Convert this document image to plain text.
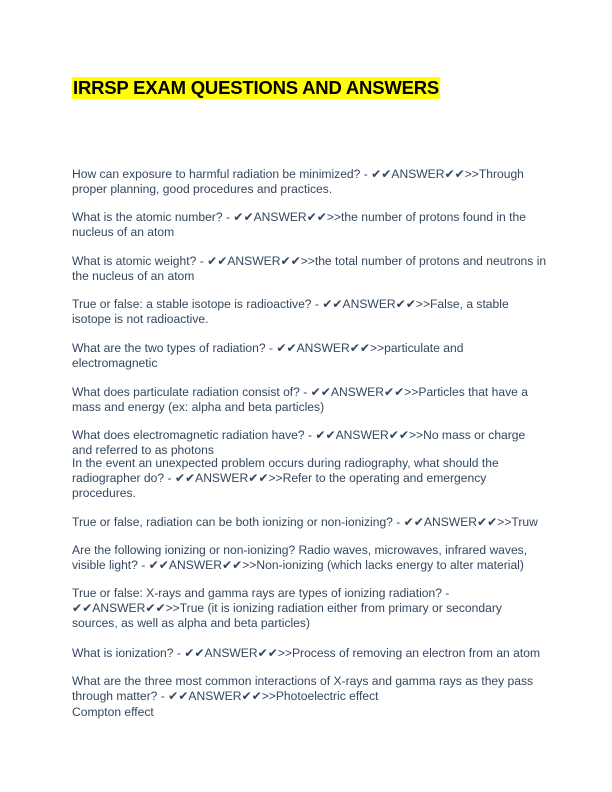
IRRSP EXAM QUESTIONS AND ANSWERS

How can exposure to harmful radiation be minimized? - ✔✔ANSWER✔✔>>Through proper planning, good procedures and practices.

What is the atomic number? - ✔✔ANSWER✔✔>>the number of protons found in the nucleus of an atom

What is atomic weight? - ✔✔ANSWER✔✔>>the total number of protons and neutrons in the nucleus of an atom

True or false: a stable isotope is radioactive? - ✔✔ANSWER✔✔>>False, a stable isotope is not radioactive.

What are the two types of radiation? - ✔✔ANSWER✔✔>>particulate and electromagnetic

What does particulate radiation consist of? - ✔✔ANSWER✔✔>>Particles that have a mass and energy (ex: alpha and beta particles)

What does electromagnetic radiation have? - ✔✔ANSWER✔✔>>No mass or charge and referred to as photons

In the event an unexpected problem occurs during radiography, what should the radiographer do? - ✔✔ANSWER✔✔>>Refer to the operating and emergency procedures.

True or false, radiation can be both ionizing or non-ionizing? - ✔✔ANSWER✔✔>>Truw

Are the following ionizing or non-ionizing? Radio waves, microwaves, infrared waves, visible light? - ✔✔ANSWER✔✔>>Non-ionizing (which lacks energy to alter material)

True or false: X-rays and gamma rays are types of ionizing radiation? - ✔✔ANSWER✔✔>>True (it is ionizing radiation either from primary or secondary sources, as well as alpha and beta particles)

What is ionization? - ✔✔ANSWER✔✔>>Process of removing an electron from an atom

What are the three most common interactions of X-rays and gamma rays as they pass through matter? - ✔✔ANSWER✔✔>>Photoelectric effect

Compton effect
